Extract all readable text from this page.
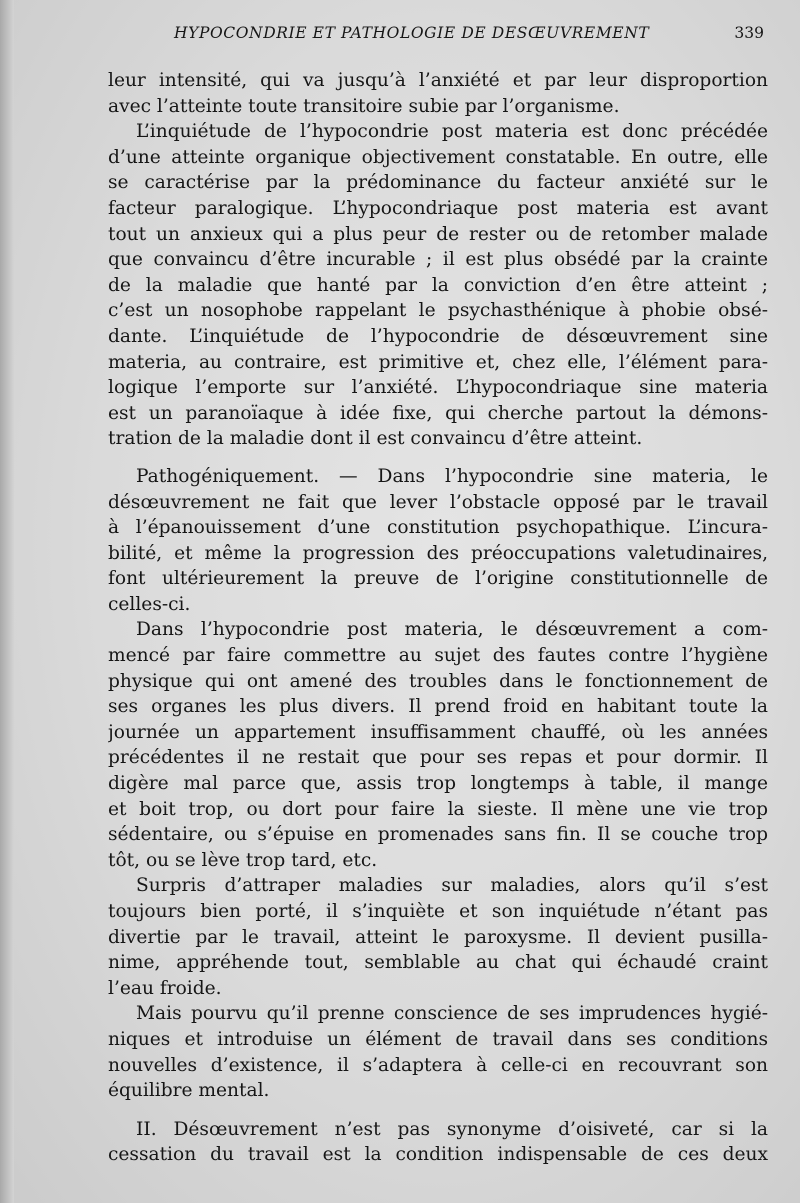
HYPOCONDRIE ET PATHOLOGIE DE DESŒUVREMENT	339
leur intensité, qui va jusqu’à l’anxiété et par leur disproportion
avec l’atteinte toute transitoire subie par l’organisme.
L’inquiétude de l’hypocondrie post materia est donc précédée
d’une atteinte organique objectivement constatable. En outre, elle
se caractérise par la prédominance du facteur anxiété sur le
facteur paralogique. L’hypocondriaque post materia est avant
tout un anxieux qui a plus peur de rester ou de retomber malade
que convaincu d’être incurable ; il est plus obsédé par la crainte
de la maladie que hanté par la conviction d’en être atteint ;
c’est un nosophobe rappelant le psychasthénique à phobie obsé-
dante. L’inquiétude de l’hypocondrie de désœuvrement sine
materia, au contraire, est primitive et, chez elle, l’élément para-
logique l’emporte sur l’anxiété. L’hypocondriaque sine materia
est un paranoïaque à idée fixe, qui cherche partout la démons-
tration de la maladie dont il est convaincu d’être atteint.
Pathogéniquement. — Dans l’hypocondrie sine materia, le
désœuvrement ne fait que lever l’obstacle opposé par le travail
à l’épanouissement d’une constitution psychopathique. L’incura-
bilité, et même la progression des préoccupations valetudinaires,
font ultérieurement la preuve de l’origine constitutionnelle de
celles-ci.
Dans l’hypocondrie post materia, le désœuvrement a com-
mencé par faire commettre au sujet des fautes contre l’hygiène
physique qui ont amené des troubles dans le fonctionnement de
ses organes les plus divers. Il prend froid en habitant toute la
journée un appartement insuffisamment chauffé, où les années
précédentes il ne restait que pour ses repas et pour dormir. Il
digère mal parce que, assis trop longtemps à table, il mange
et boit trop, ou dort pour faire la sieste. Il mène une vie trop
sédentaire, ou s’épuise en promenades sans fin. Il se couche trop
tôt, ou se lève trop tard, etc.
Surpris d’attraper maladies sur maladies, alors qu’il s’est
toujours bien porté, il s’inquiète et son inquiétude n’étant pas
divertie par le travail, atteint le paroxysme. Il devient pusilla-
nime, appréhende tout, semblable au chat qui échaudé craint
l’eau froide.
Mais pourvu qu’il prenne conscience de ses imprudences hygié-
niques et introduise un élément de travail dans ses conditions
nouvelles d’existence, il s’adaptera à celle-ci en recouvrant son
équilibre mental.
II. Désœuvrement n’est pas synonyme d’oisiveté, car si la
cessation du travail est la condition indispensable de ces deux
